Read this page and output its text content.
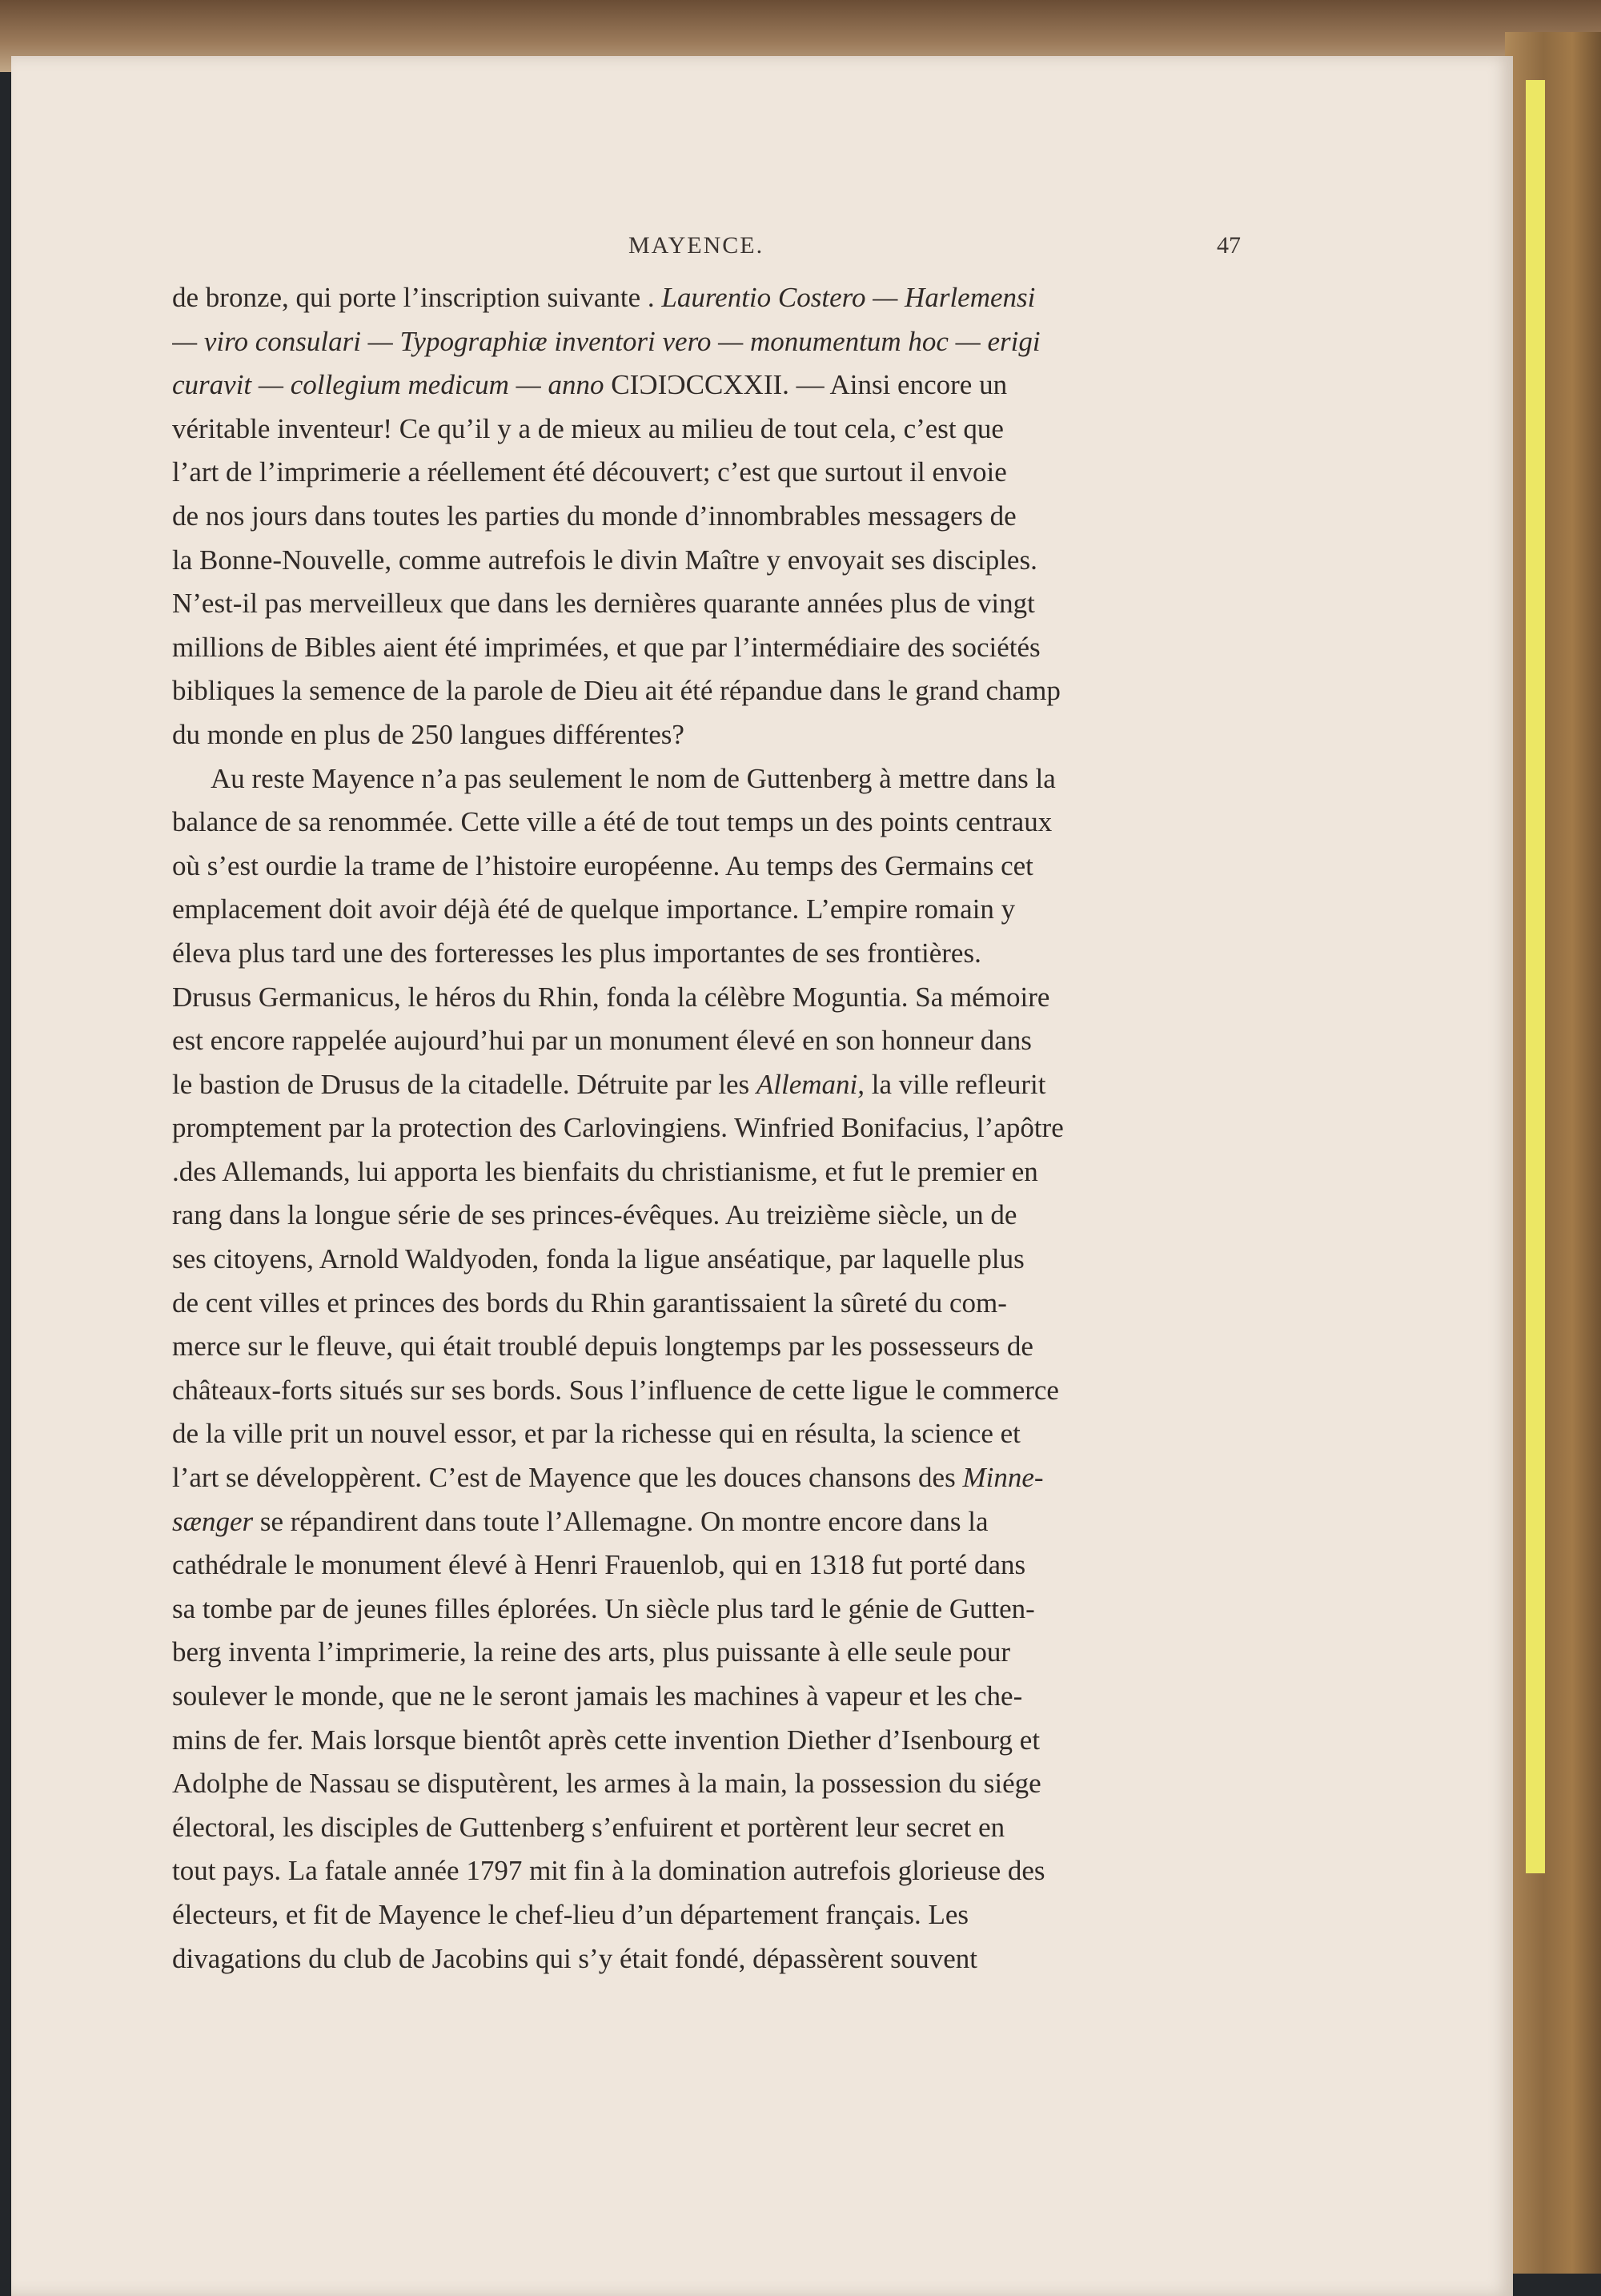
MAYENCE.	47
de bronze, qui porte l’inscription suivante . Laurentio Costero — Harlemensi
— viro consulari — Typographiæ inventori vero — monumentum hoc — erigi
curavit — collegium medicum — anno CIƆIƆCCXXII. — Ainsi encore un
véritable inventeur! Ce qu’il y a de mieux au milieu de tout cela, c’est que
l’art de l’imprimerie a réellement été découvert; c’est que surtout il envoie
de nos jours dans toutes les parties du monde d’innombrables messagers de
la Bonne-Nouvelle, comme autrefois le divin Maître y envoyait ses disciples.
N’est-il pas merveilleux que dans les dernières quarante années plus de vingt
millions de Bibles aient été imprimées, et que par l’intermédiaire des sociétés
bibliques la semence de la parole de Dieu ait été répandue dans le grand champ
du monde en plus de 250 langues différentes?
Au reste Mayence n’a pas seulement le nom de Guttenberg à mettre dans la
balance de sa renommée. Cette ville a été de tout temps un des points centraux
où s’est ourdie la trame de l’histoire européenne. Au temps des Germains cet
emplacement doit avoir déjà été de quelque importance. L’empire romain y
éleva plus tard une des forteresses les plus importantes de ses frontières.
Drusus Germanicus, le héros du Rhin, fonda la célèbre Moguntia. Sa mémoire
est encore rappelée aujourd’hui par un monument élevé en son honneur dans
le bastion de Drusus de la citadelle. Détruite par les Allemani, la ville refleurit
promptement par la protection des Carlovingiens. Winfried Bonifacius, l’apôtre
.des Allemands, lui apporta les bienfaits du christianisme, et fut le premier en
rang dans la longue série de ses princes-évêques. Au treizième siècle, un de
ses citoyens, Arnold Waldyoden, fonda la ligue anséatique, par laquelle plus
de cent villes et princes des bords du Rhin garantissaient la sûreté du com-
merce sur le fleuve, qui était troublé depuis longtemps par les possesseurs de
châteaux-forts situés sur ses bords. Sous l’influence de cette ligue le commerce
de la ville prit un nouvel essor, et par la richesse qui en résulta, la science et
l’art se développèrent. C’est de Mayence que les douces chansons des Minne-
sænger se répandirent dans toute l’Allemagne. On montre encore dans la
cathédrale le monument élevé à Henri Frauenlob, qui en 1318 fut porté dans
sa tombe par de jeunes filles éplorées. Un siècle plus tard le génie de Gutten-
berg inventa l’imprimerie, la reine des arts, plus puissante à elle seule pour
soulever le monde, que ne le seront jamais les machines à vapeur et les che-
mins de fer. Mais lorsque bientôt après cette invention Diether d’Isenbourg et
Adolphe de Nassau se disputèrent, les armes à la main, la possession du siége
électoral, les disciples de Guttenberg s’enfuirent et portèrent leur secret en
tout pays. La fatale année 1797 mit fin à la domination autrefois glorieuse des
électeurs, et fit de Mayence le chef-lieu d’un département français. Les
divagations du club de Jacobins qui s’y était fondé, dépassèrent souvent
